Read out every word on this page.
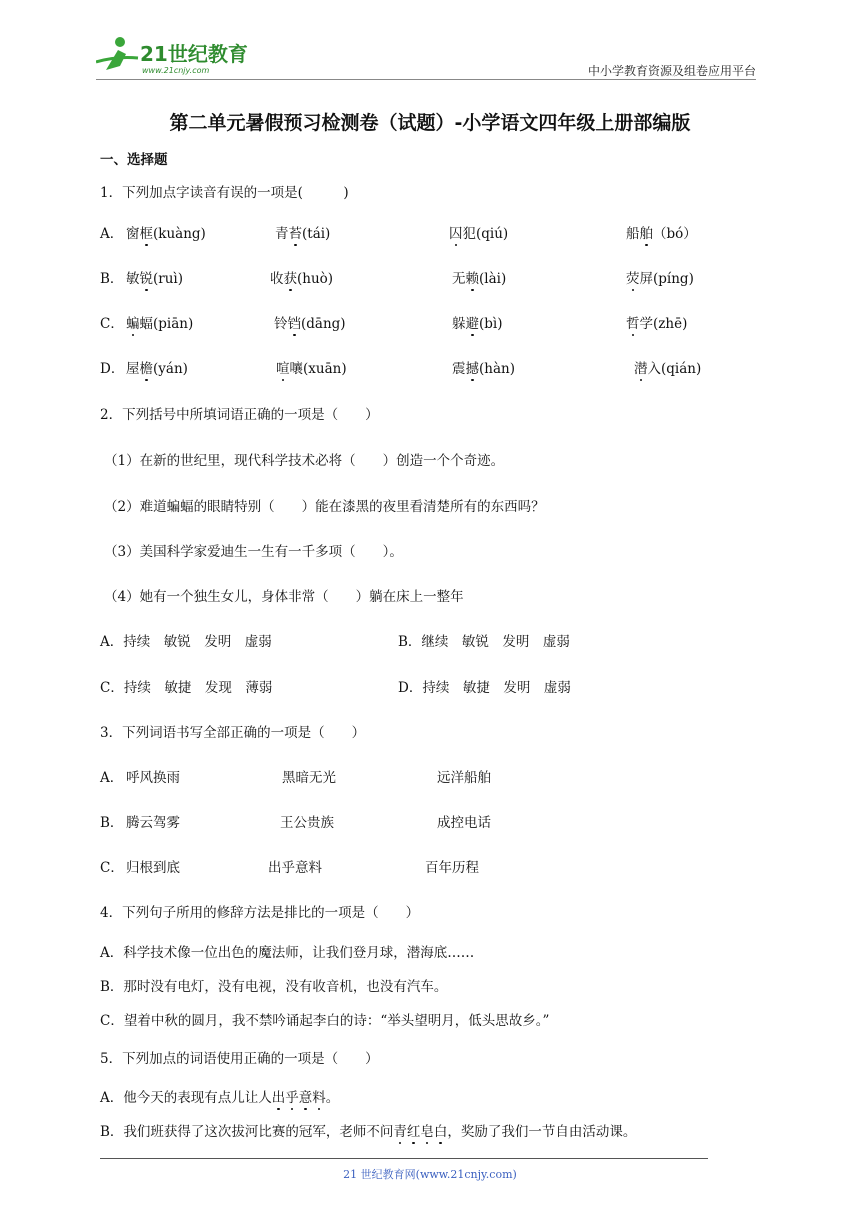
21世纪教育
www.21cnjy.com	中小学教育资源及组卷应用平台
第二单元暑假预习检测卷（试题）-小学语文四年级上册部编版
一、选择题
1．下列加点字读音有误的一项是(　　　)
A． 窗框(kuàng)	青苔(tái)	囚犯(qiú)	船舶（bó）
B． 敏锐(ruì)	收获(huò)	无赖(lài)	荧屏(píng)
C． 蝙蝠(piān)	铃铛(dāng)	躲避(bì)	哲学(zhē)
D． 屋檐(yán)	喧嚷(xuān)	震撼(hàn)	潜入(qián)
2．下列括号中所填词语正确的一项是（　　）
（1）在新的世纪里，现代科学技术必将（　　）创造一个个奇迹。
（2）难道蝙蝠的眼睛特别（　　）能在漆黑的夜里看清楚所有的东西吗？
（3）美国科学家爱迪生一生有一千多项（　　）。
（4）她有一个独生女儿，身体非常（　　）躺在床上一整年
A．持续　敏锐　发明　虚弱	B．继续　敏锐　发明　虚弱
C．持续　敏捷　发现　薄弱	D．持续　敏捷　发明　虚弱
3．下列词语书写全部正确的一项是（　　）
A． 呼风换雨	黑暗无光	远洋船舶
B． 腾云驾雾	王公贵族	成控电话
C． 归根到底	出乎意料	百年历程
4．下列句子所用的修辞方法是排比的一项是（　　）
A．科学技术像一位出色的魔法师，让我们登月球，潜海底……
B．那时没有电灯，没有电视，没有收音机，也没有汽车。
C．望着中秋的圆月，我不禁吟诵起李白的诗：“举头望明月，低头思故乡。”
5．下列加点的词语使用正确的一项是（　　）
A．他今天的表现有点儿让人出乎意料。
B．我们班获得了这次拔河比赛的冠军，老师不问青红皂白，奖励了我们一节自由活动课。
21 世纪教育网(www.21cnjy.com)
